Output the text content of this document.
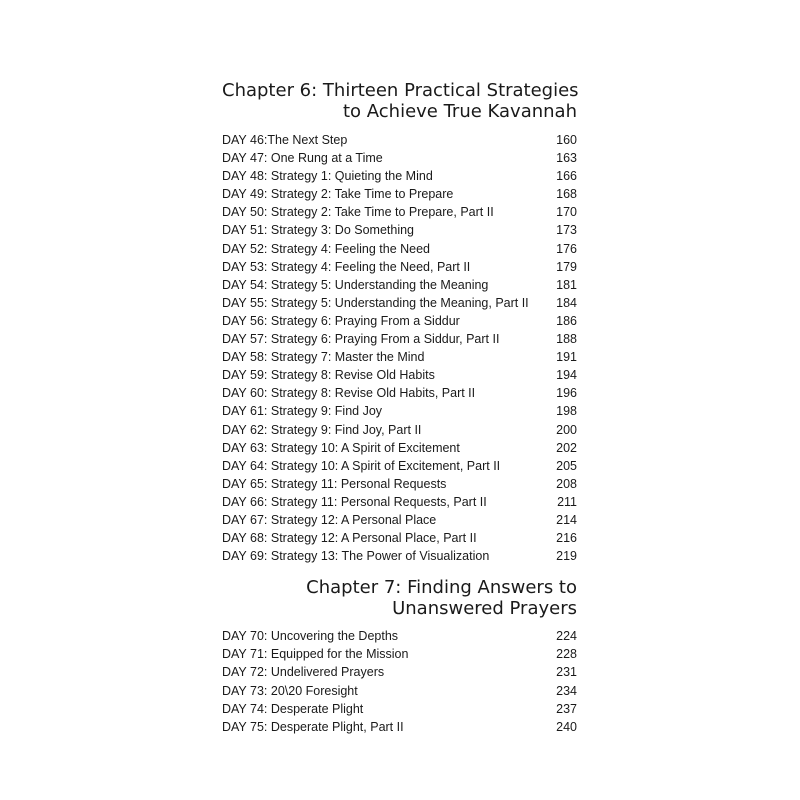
Chapter 6: Thirteen Practical Strategies
to Achieve True Kavannah
DAY 46:The Next Step	160
DAY 47: One Rung at a Time	163
DAY 48: Strategy 1: Quieting the Mind	166
DAY 49: Strategy 2: Take Time to Prepare	168
DAY 50: Strategy 2: Take Time to Prepare, Part II	170
DAY 51: Strategy 3: Do Something	173
DAY 52: Strategy 4: Feeling the Need	176
DAY 53: Strategy 4: Feeling the Need, Part II	179
DAY 54: Strategy 5: Understanding the Meaning	181
DAY 55: Strategy 5: Understanding the Meaning, Part II	184
DAY 56: Strategy 6: Praying From a Siddur	186
DAY 57: Strategy 6: Praying From a Siddur, Part II	188
DAY 58: Strategy 7: Master the Mind	191
DAY 59: Strategy 8: Revise Old Habits	194
DAY 60: Strategy 8: Revise Old Habits, Part II	196
DAY 61: Strategy 9: Find Joy	198
DAY 62: Strategy 9: Find Joy, Part II	200
DAY 63: Strategy 10: A Spirit of Excitement	202
DAY 64: Strategy 10: A Spirit of Excitement, Part II	205
DAY 65: Strategy 11: Personal Requests	208
DAY 66: Strategy 11: Personal Requests, Part II	211
DAY 67: Strategy 12: A Personal Place	214
DAY 68: Strategy 12: A Personal Place, Part II	216
DAY 69: Strategy 13: The Power of Visualization	219
Chapter 7: Finding Answers to
Unanswered Prayers
DAY 70: Uncovering the Depths	224
DAY 71: Equipped for the Mission	228
DAY 72: Undelivered Prayers	231
DAY 73: 20\20 Foresight	234
DAY 74: Desperate Plight	237
DAY 75: Desperate Plight, Part II	240
